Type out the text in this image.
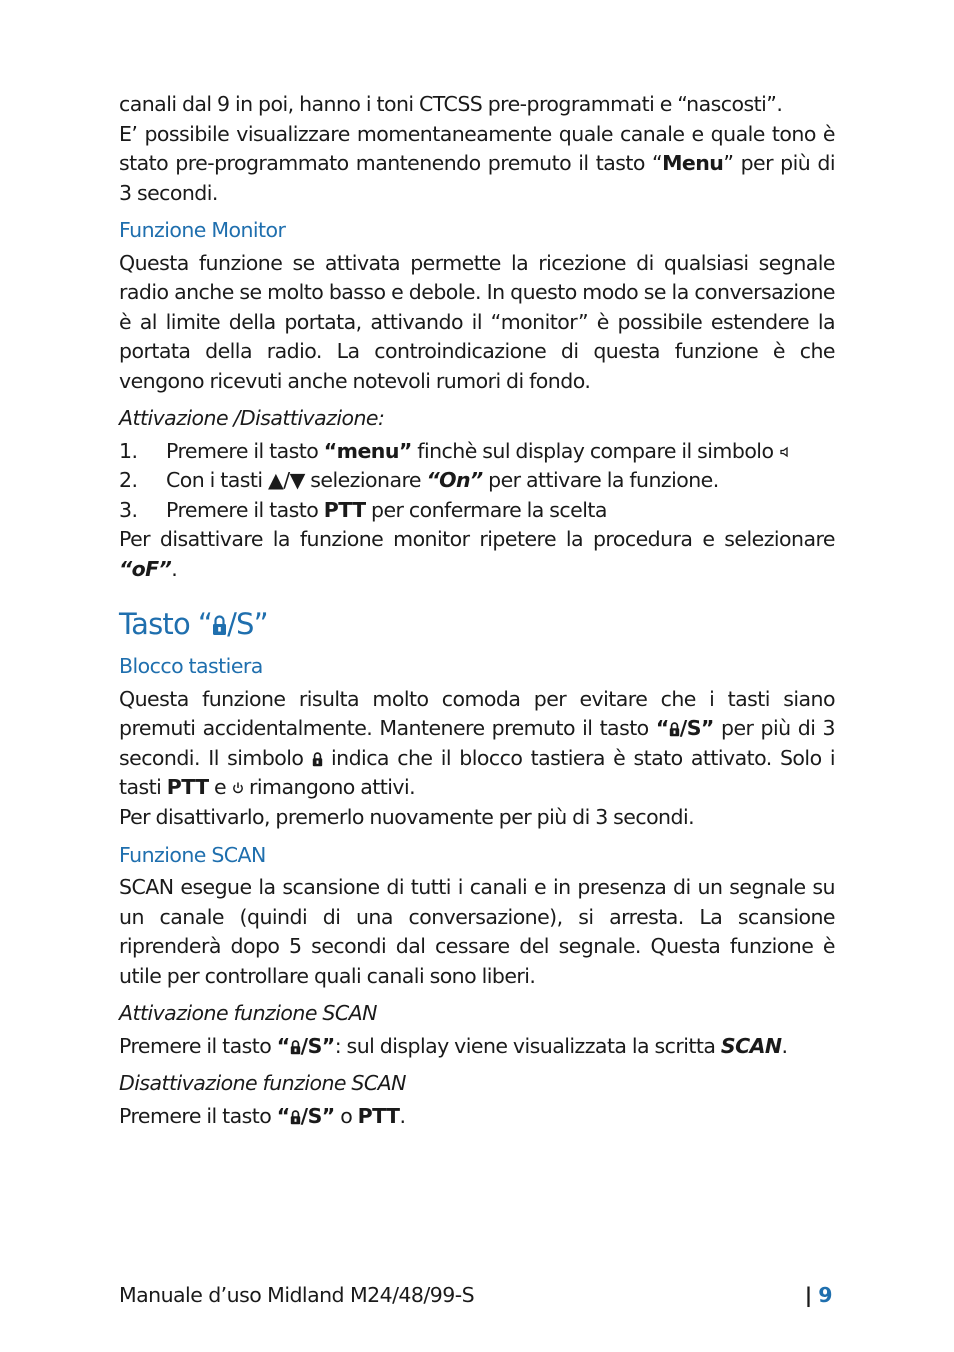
canali dal 9 in poi, hanno i toni CTCSS pre-programmati e “nascosti”.

E’ possibile visualizzare momentaneamente quale canale e quale tono è stato pre-programmato mantenendo premuto il tasto “Menu” per più di 3 secondi.

Funzione Monitor

Questa funzione se attivata permette la ricezione di qualsiasi segnale radio anche se molto basso e debole. In questo modo se la conversazione è al limite della portata, attivando il “monitor” è possibile estendere la portata della radio. La controindicazione di questa funzione è che vengono ricevuti anche notevoli rumori di fondo.

Attivazione /Disattivazione:

1.	Premere il tasto “menu” finchè sul display compare il simbolo
2.	Con i tasti ▲/▼ selezionare “On” per attivare la funzione.
3.	Premere il tasto PTT per confermare la scelta

Per disattivare la funzione monitor ripetere la procedura e selezionare “oF”.

Tasto “ /S”

Blocco tastiera

Questa funzione risulta molto comoda per evitare che i tasti siano premuti accidentalmente. Mantenere premuto il tasto “ /S” per più di 3 secondi. Il simbolo  indica che il blocco tastiera è stato attivato. Solo i tasti PTT e  rimangono attivi.

Per disattivarlo, premerlo nuovamente per più di 3 secondi.

Funzione SCAN

SCAN esegue la scansione di tutti i canali e in presenza di un segnale su un canale (quindi di una conversazione), si arresta. La scansione riprenderà dopo 5 secondi dal cessare del segnale. Questa funzione è utile per controllare quali canali sono liberi.

Attivazione funzione SCAN

Premere il tasto “ /S”: sul display viene visualizzata la scritta SCAN.

Disattivazione funzione SCAN

Premere il tasto “ /S” o PTT.

Manuale d’uso Midland M24/48/99-S	| 9
